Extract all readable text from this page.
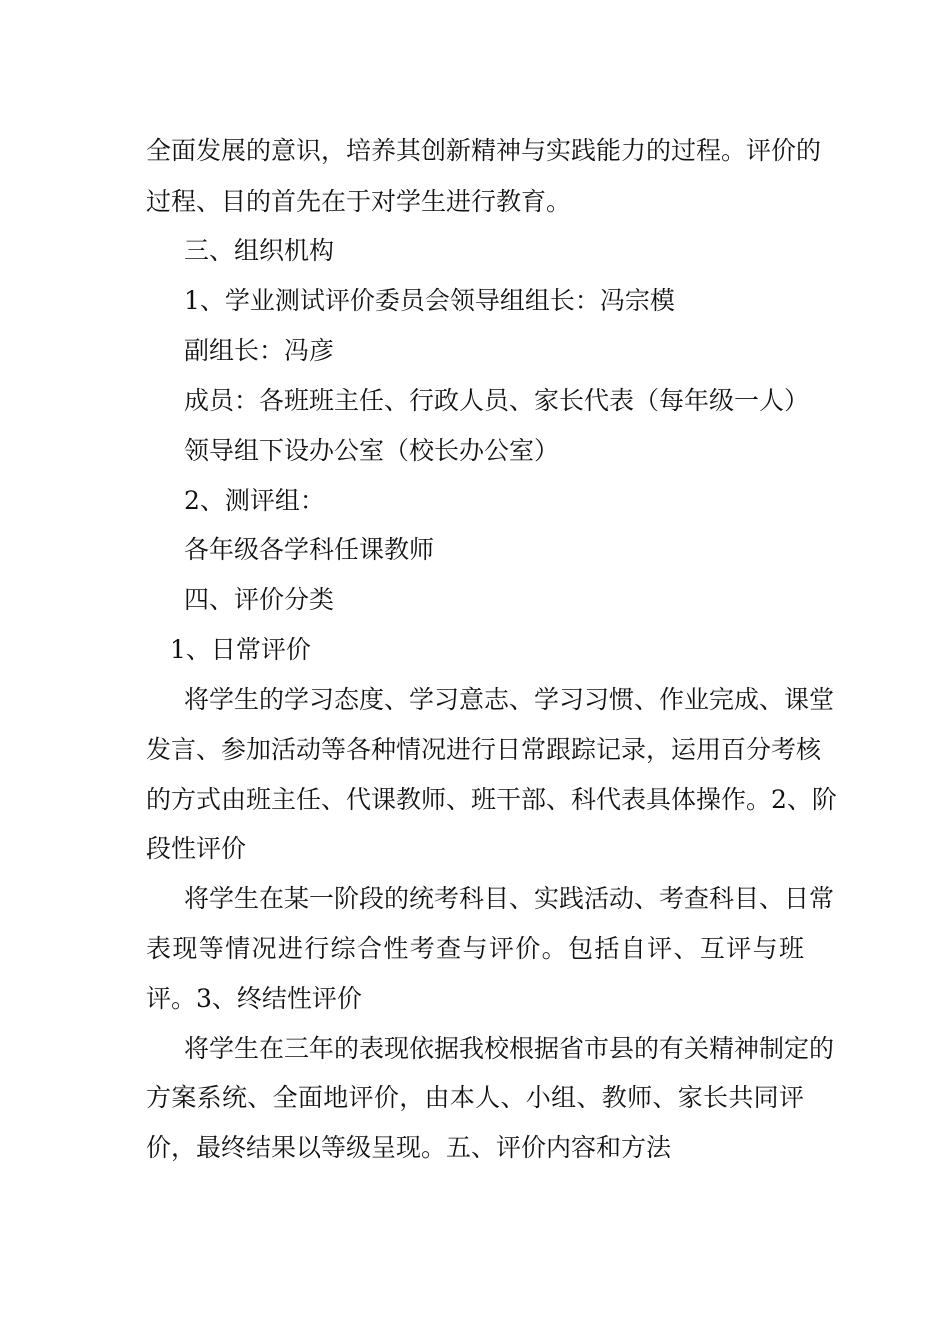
全面发展的意识，培养其创新精神与实践能力的过程。评价的
过程、目的首先在于对学生进行教育。
三、组织机构
1、学业测试评价委员会领导组组长：冯宗模
副组长：冯彦
成员：各班班主任、行政人员、家长代表（每年级一人）
领导组下设办公室（校长办公室）
2、测评组：
各年级各学科任课教师
四、评价分类
1、日常评价
将学生的学习态度、学习意志、学习习惯、作业完成、课堂
发言、参加活动等各种情况进行日常跟踪记录，运用百分考核
的方式由班主任、代课教师、班干部、科代表具体操作。2、阶
段性评价
将学生在某一阶段的统考科目、实践活动、考查科目、日常
表现等情况进行综合性考查与评价。包括自评、互评与班
评。3、终结性评价
将学生在三年的表现依据我校根据省市县的有关精神制定的
方案系统、全面地评价，由本人、小组、教师、家长共同评
价，最终结果以等级呈现。五、评价内容和方法
